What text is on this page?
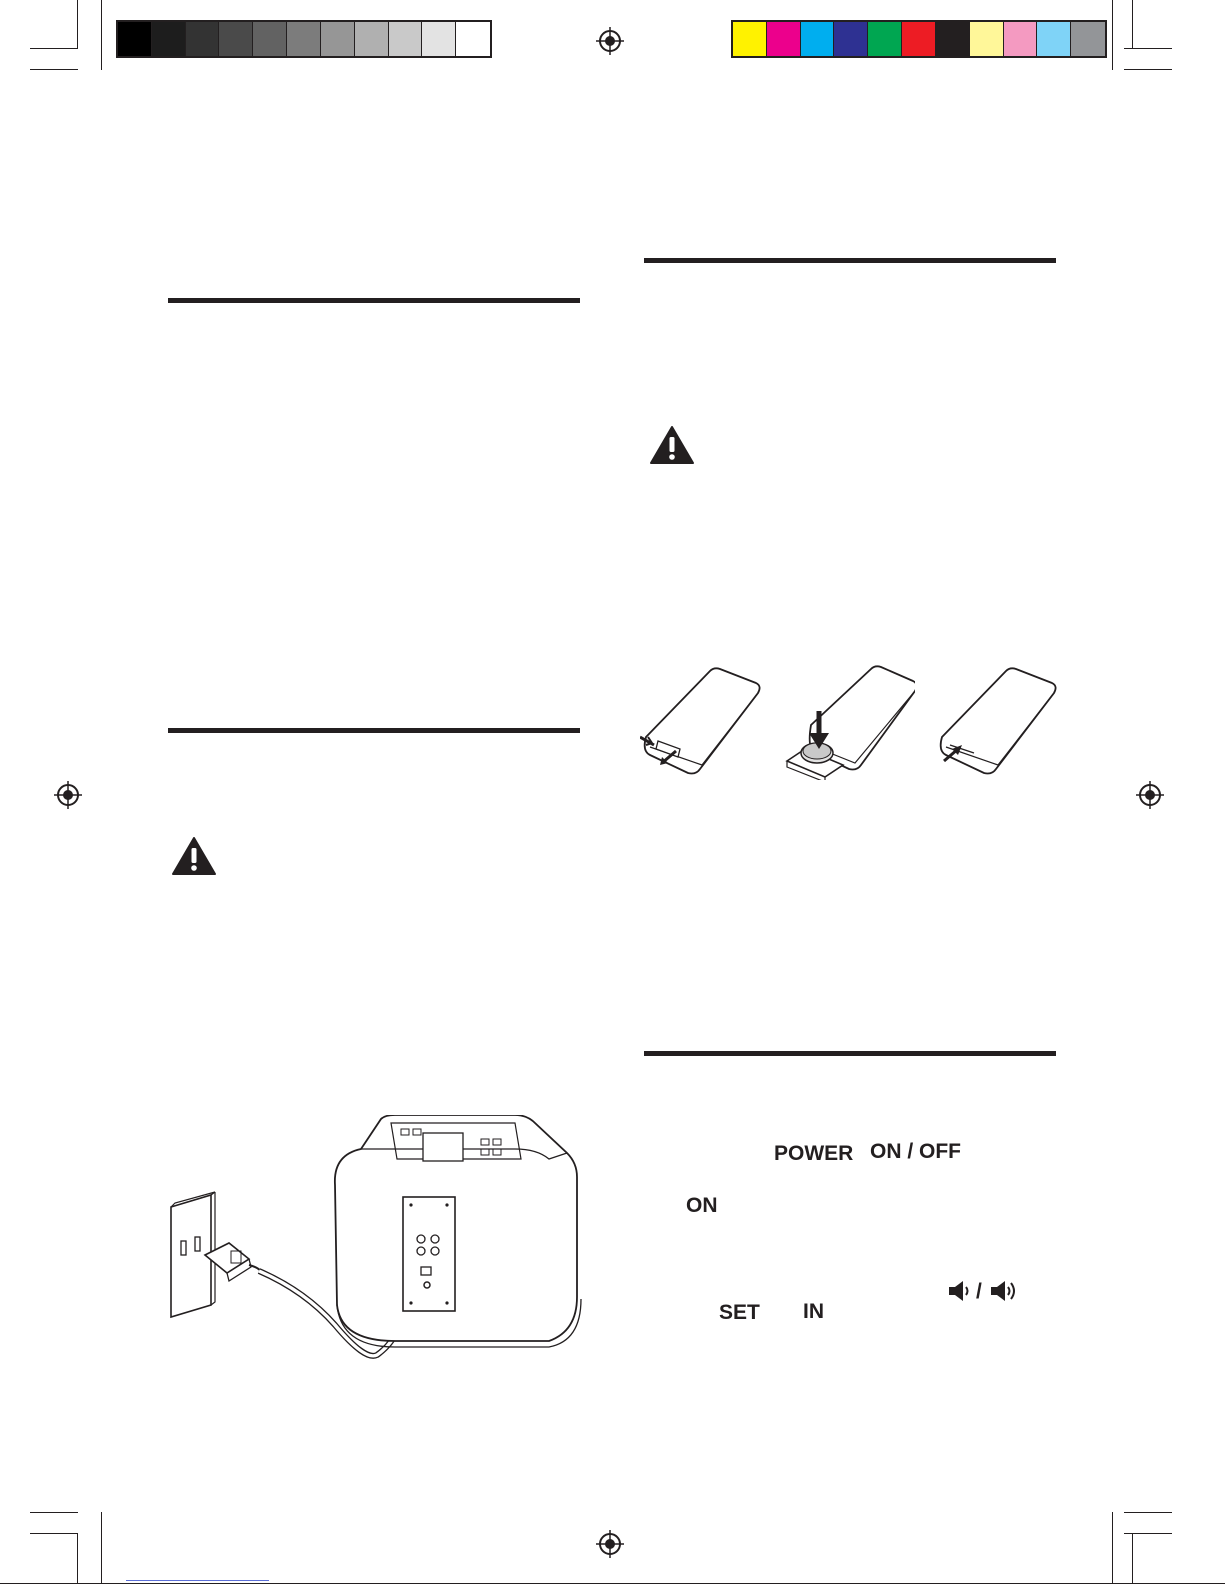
POWER ON / OFF
ON
SET IN
/
